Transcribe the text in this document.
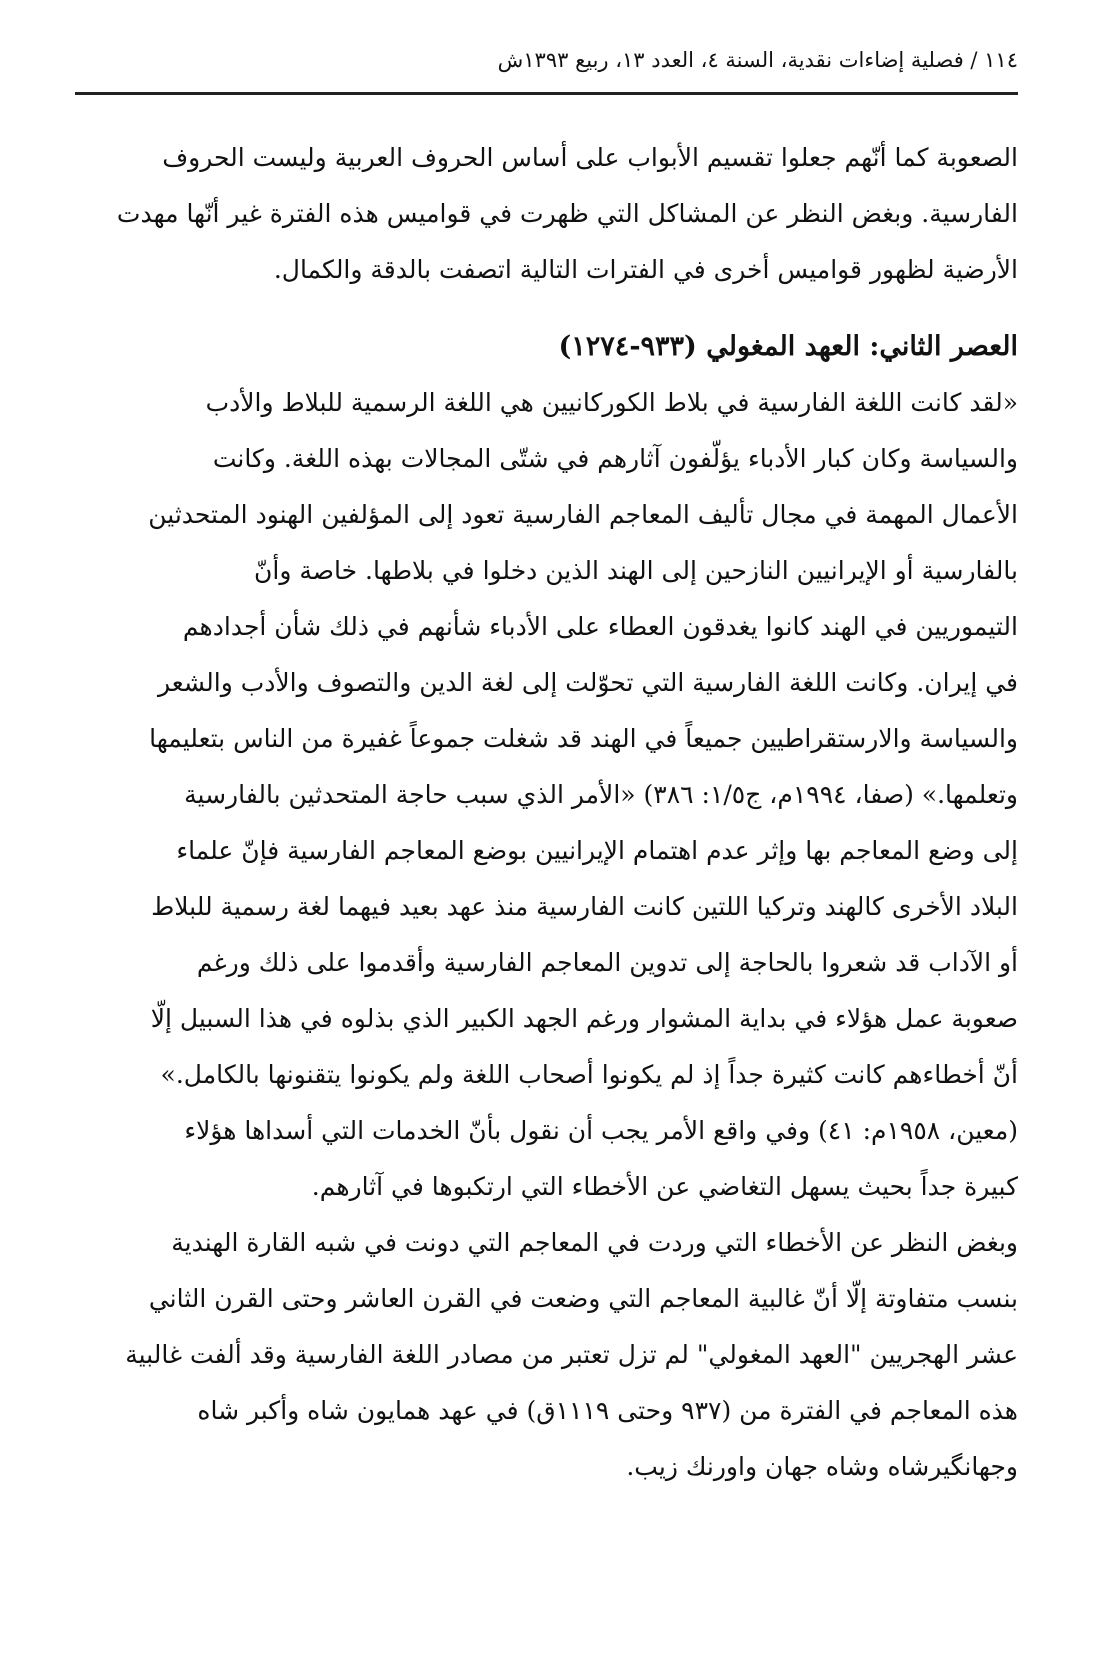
١١٤ / فصلية إضاءات نقدية، السنة ٤، العدد ١٣، ربيع ١٣٩٣ش
الصعوبة كما أنّهم جعلوا تقسيم الأبواب على أساس الحروف العربية وليست الحروف
الفارسية. وبغض النظر عن المشاكل التي ظهرت في قواميس هذه الفترة غير أنّها مهدت
الأرضية لظهور قواميس أخرى في الفترات التالية اتصفت بالدقة والكمال.
العصر الثاني: العهد المغولي (٩٣٣-١٢٧٤)
«لقد كانت اللغة الفارسية في بلاط الكوركانيين هي اللغة الرسمية للبلاط والأدب
والسياسة وكان كبار الأدباء يؤلّفون آثارهم في شتّى المجالات بهذه اللغة. وكانت
الأعمال المهمة في مجال تأليف المعاجم الفارسية تعود إلى المؤلفين الهنود المتحدثين
بالفارسية أو الإيرانيين النازحين إلى الهند الذين دخلوا في بلاطها. خاصة وأنّ
التيموريين في الهند كانوا يغدقون العطاء على الأدباء شأنهم في ذلك شأن أجدادهم
في إيران. وكانت اللغة الفارسية التي تحوّلت إلى لغة الدين والتصوف والأدب والشعر
والسياسة والارستقراطيين جميعاً في الهند قد شغلت جموعاً غفيرة من الناس بتعليمها
وتعلمها.» (صفا، ١٩٩٤م، ج١/٥: ٣٨٦) «الأمر الذي سبب حاجة المتحدثين بالفارسية
إلى وضع المعاجم بها وإثر عدم اهتمام الإيرانيين بوضع المعاجم الفارسية فإنّ علماء
البلاد الأخرى كالهند وتركيا اللتين كانت الفارسية منذ عهد بعيد فيهما لغة رسمية للبلاط
أو الآداب قد شعروا بالحاجة إلى تدوين المعاجم الفارسية وأقدموا على ذلك ورغم
صعوبة عمل هؤلاء في بداية المشوار ورغم الجهد الكبير الذي بذلوه في هذا السبيل إلّا
أنّ أخطاءهم كانت كثيرة جداً إذ لم يكونوا أصحاب اللغة ولم يكونوا يتقنونها بالكامل.»
(معين، ١٩٥٨م: ٤١) وفي واقع الأمر يجب أن نقول بأنّ الخدمات التي أسداها هؤلاء
كبيرة جداً بحيث يسهل التغاضي عن الأخطاء التي ارتكبوها في آثارهم.
وبغض النظر عن الأخطاء التي وردت في المعاجم التي دونت في شبه القارة الهندية
بنسب متفاوتة إلّا أنّ غالبية المعاجم التي وضعت في القرن العاشر وحتى القرن الثاني
عشر الهجريين "العهد المغولي" لم تزل تعتبر من مصادر اللغة الفارسية وقد ألفت غالبية
هذه المعاجم في الفترة من (٩٣٧ وحتى ١١١٩ق) في عهد همايون شاه وأكبر شاه
وجهانگيرشاه وشاه جهان واورنك زيب.
